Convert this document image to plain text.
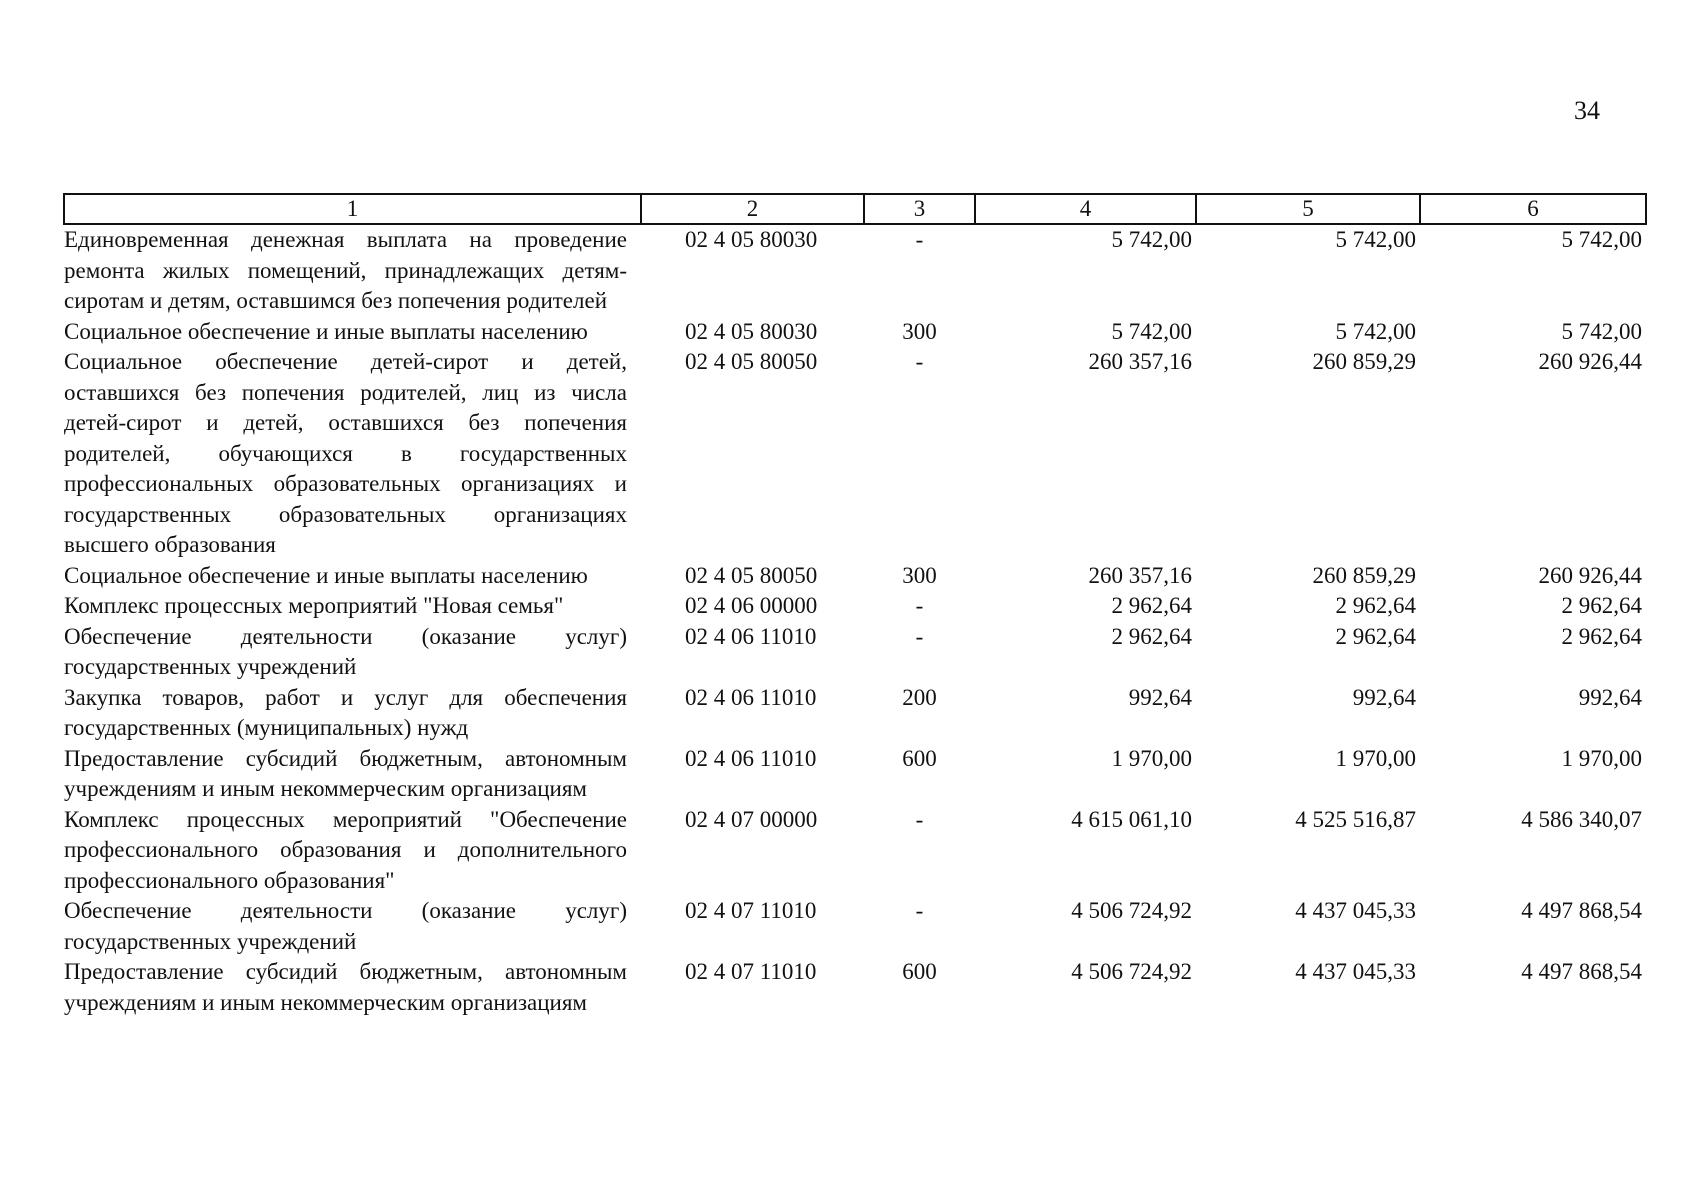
34
1	2	3	4	5	6
Единовременная денежная выплата на проведение ремонта жилых помещений, принадлежащих детям-сиротам и детям, оставшимся без попечения родителей	02 4 05 80030	-	5 742,00	5 742,00	5 742,00
Социальное обеспечение и иные выплаты населению	02 4 05 80030	300	5 742,00	5 742,00	5 742,00
Социальное обеспечение детей-сирот и детей, оставшихся без попечения родителей, лиц из числа детей-сирот и детей, оставшихся без попечения родителей, обучающихся в государственных профессиональных образовательных организациях и государственных образовательных организациях высшего образования	02 4 05 80050	-	260 357,16	260 859,29	260 926,44
Социальное обеспечение и иные выплаты населению	02 4 05 80050	300	260 357,16	260 859,29	260 926,44
Комплекс процессных мероприятий "Новая семья"	02 4 06 00000	-	2 962,64	2 962,64	2 962,64
Обеспечение деятельности (оказание услуг) государственных учреждений	02 4 06 11010	-	2 962,64	2 962,64	2 962,64
Закупка товаров, работ и услуг для обеспечения государственных (муниципальных) нужд	02 4 06 11010	200	992,64	992,64	992,64
Предоставление субсидий бюджетным, автономным учреждениям и иным некоммерческим организациям	02 4 06 11010	600	1 970,00	1 970,00	1 970,00
Комплекс процессных мероприятий "Обеспечение профессионального образования и дополнительного профессионального образования"	02 4 07 00000	-	4 615 061,10	4 525 516,87	4 586 340,07
Обеспечение деятельности (оказание услуг) государственных учреждений	02 4 07 11010	-	4 506 724,92	4 437 045,33	4 497 868,54
Предоставление субсидий бюджетным, автономным учреждениям и иным некоммерческим организациям	02 4 07 11010	600	4 506 724,92	4 437 045,33	4 497 868,54
